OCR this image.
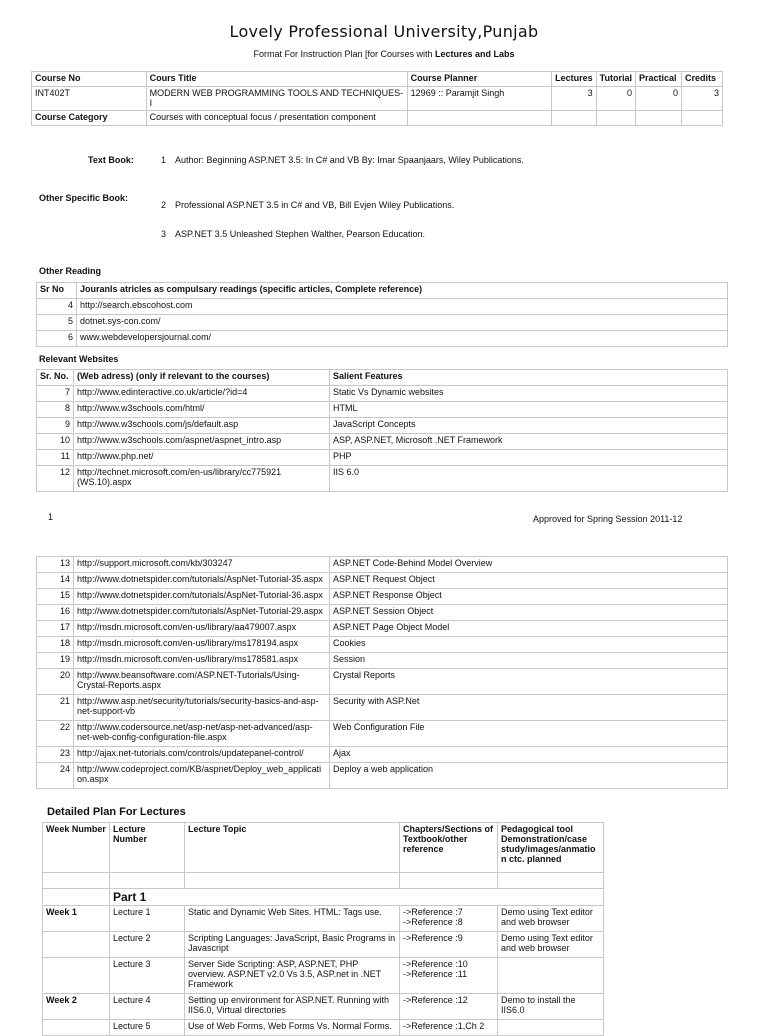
Lovely Professional University,Punjab
Format For Instruction Plan [for Courses with Lectures and Labs
Course No	Cours Title	Course Planner	Lectures	Tutorial	Practical	Credits
INT402T	MODERN WEB PROGRAMMING TOOLS AND TECHNIQUES-I	12969 :: Paramjit Singh	3	0	0	3
Course Category	Courses with conceptual focus / presentation component					
Text Book:	1 Author: Beginning ASP.NET 3.5: In C# and VB By: Imar Spaanjaars, Wiley Publications.
Other Specific Book:
2 Professional ASP.NET 3.5 in C# and VB, Bill Evjen Wiley Publications.
3 ASP.NET 3.5 Unleashed Stephen Walther, Pearson Education.
Other Reading
Sr No	Jouranls atricles as compulsary readings (specific articles, Complete reference)
4	http://search.ebscohost.com
5	dotnet.sys-con.com/
6	www.webdevelopersjournal.com/
Relevant Websites
Sr. No.	(Web adress) (only if relevant to the courses)	Salient Features
7	http://www.edinteractive.co.uk/article/?id=4	Static Vs Dynamic websites
8	http://www.w3schools.com/html/	HTML
9	http://www.w3schools.com/js/default.asp	JavaScript Concepts
10	http://www.w3schools.com/aspnet/aspnet_intro.asp	ASP, ASP.NET, Microsoft .NET Framework
11	http://www.php.net/	PHP
12	http://technet.microsoft.com/en-us/library/cc775921
(WS.10).aspx	IIS 6.0
1	Approved for Spring Session 2011-12
13	http://support.microsoft.com/kb/303247	ASP.NET Code-Behind Model Overview
14	http://www.dotnetspider.com/tutorials/AspNet-Tutorial-35.aspx	ASP.NET Request Object
15	http://www.dotnetspider.com/tutorials/AspNet-Tutorial-36.aspx	ASP.NET Response Object
16	http://www.dotnetspider.com/tutorials/AspNet-Tutorial-29.aspx	ASP.NET Session Object
17	http://msdn.microsoft.com/en-us/library/aa479007.aspx	ASP.NET Page Object Model
18	http://msdn.microsoft.com/en-us/library/ms178194.aspx	Cookies
19	http://msdn.microsoft.com/en-us/library/ms178581.aspx	Session
20	http://www.beansoftware.com/ASP.NET-Tutorials/Using-
Crystal-Reports.aspx	Crystal Reports
21	http://www.asp.net/security/tutorials/security-basics-and-asp-
net-support-vb	Security with ASP.Net
22	http://www.codersource.net/asp-net/asp-net-advanced/asp-
net-web-config-configuration-file.aspx	Web Configuration File
23	http://ajax.net-tutorials.com/controls/updatepanel-control/	Ajax
24	http://www.codeproject.com/KB/aspnet/Deploy_web_applicati
on.aspx	Deploy a web application
Detailed Plan For Lectures
Week Number	Lecture Number	Lecture Topic	Chapters/Sections of Textbook/other reference	Pedagogical tool Demonstration/case study/images/anmatio n ctc. planned

	Part 1			
Week 1	Lecture 1	Static and Dynamic Web Sites. HTML: Tags use.	->Reference :7
->Reference :8	Demo using Text editor and web browser
	Lecture 2	Scripting Languages: JavaScript, Basic Programs in Javascript	->Reference :9	Demo using Text editor and web browser
	Lecture 3	Server Side Scripting: ASP, ASP.NET, PHP overview. ASP.NET v2.0 Vs 3.5, ASP.net in .NET Framework	->Reference :10
->Reference :11	
Week 2	Lecture 4	Setting up environment for ASP.NET. Running with IIS6.0, Virtual directories	->Reference :12	Demo to install the IIS6.0
	Lecture 5	Use of Web Forms, Web Forms Vs. Normal Forms.	->Reference :1,Ch 2	
